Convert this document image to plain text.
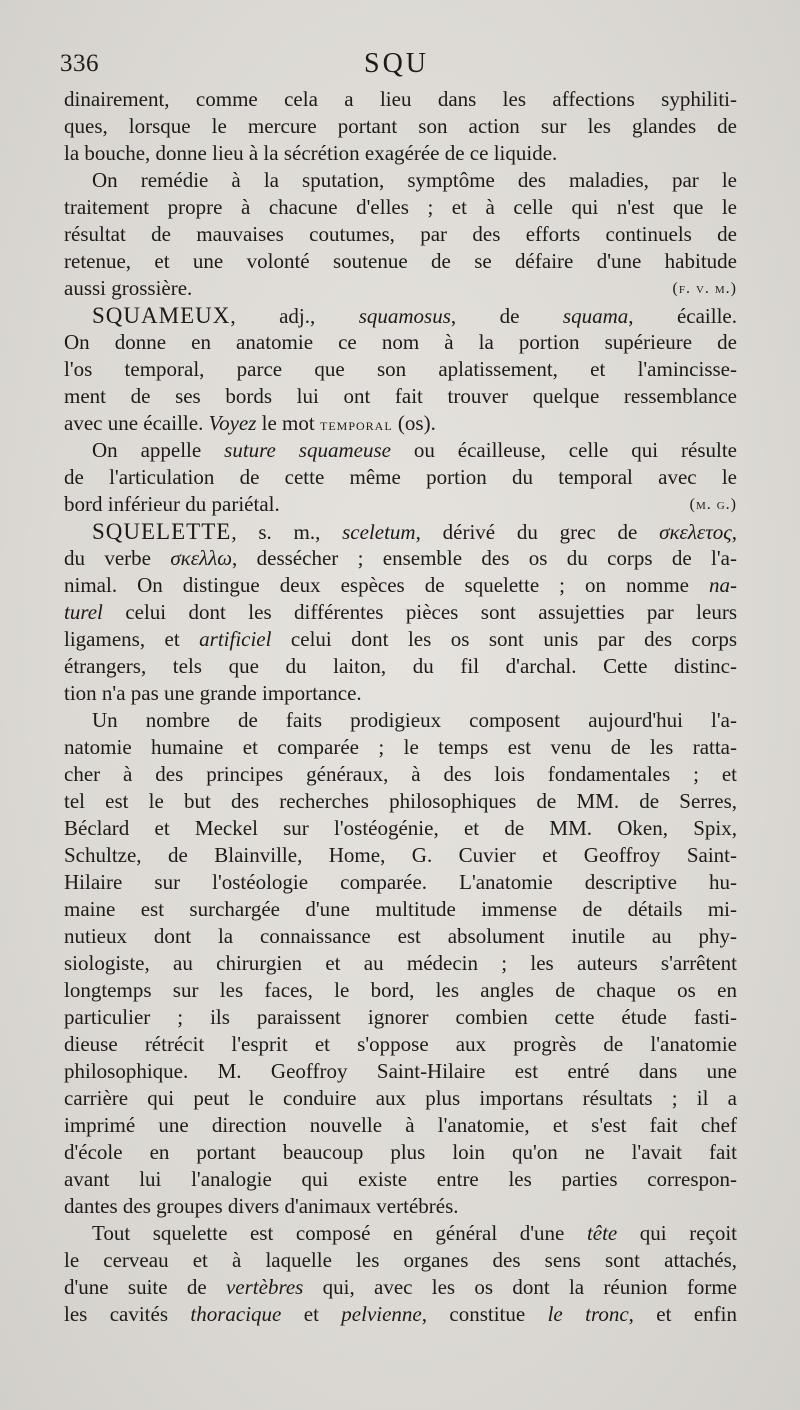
336	SQU
dinairement, comme cela a lieu dans les affections syphiliti-
ques, lorsque le mercure portant son action sur les glandes de
la bouche, donne lieu à la sécrétion exagérée de ce liquide.
On remédie à la sputation, symptôme des maladies, par le
traitement propre à chacune d'elles ; et à celle qui n'est que le
résultat de mauvaises coutumes, par des efforts continuels de
retenue, et une volonté soutenue de se défaire d'une habitude
(f. v. m.)
aussi grossière.
SQUAMEUX, adj., squamosus, de squama, écaille.
On donne en anatomie ce nom à la portion supérieure de
l'os temporal, parce que son aplatissement, et l'amincisse-
ment de ses bords lui ont fait trouver quelque ressemblance
avec une écaille. Voyez le mot temporal (os).
On appelle suture squameuse ou écailleuse, celle qui résulte
de l'articulation de cette même portion du temporal avec le
(m. g.)
bord inférieur du pariétal.
SQUELETTE, s. m., sceletum, dérivé du grec de σκελετος,
du verbe σκελλω, dessécher ; ensemble des os du corps de l'a-
nimal. On distingue deux espèces de squelette ; on nomme na-
turel celui dont les différentes pièces sont assujetties par leurs
ligamens, et artificiel celui dont les os sont unis par des corps
étrangers, tels que du laiton, du fil d'archal. Cette distinc-
tion n'a pas une grande importance.
Un nombre de faits prodigieux composent aujourd'hui l'a-
natomie humaine et comparée ; le temps est venu de les ratta-
cher à des principes généraux, à des lois fondamentales ; et
tel est le but des recherches philosophiques de MM. de Serres,
Béclard et Meckel sur l'ostéogénie, et de MM. Oken, Spix,
Schultze, de Blainville, Home, G. Cuvier et Geoffroy Saint-
Hilaire sur l'ostéologie comparée. L'anatomie descriptive hu-
maine est surchargée d'une multitude immense de détails mi-
nutieux dont la connaissance est absolument inutile au phy-
siologiste, au chirurgien et au médecin ; les auteurs s'arrêtent
longtemps sur les faces, le bord, les angles de chaque os en
particulier ; ils paraissent ignorer combien cette étude fasti-
dieuse rétrécit l'esprit et s'oppose aux progrès de l'anatomie
philosophique. M. Geoffroy Saint-Hilaire est entré dans une
carrière qui peut le conduire aux plus importans résultats ; il a
imprimé une direction nouvelle à l'anatomie, et s'est fait chef
d'école en portant beaucoup plus loin qu'on ne l'avait fait
avant lui l'analogie qui existe entre les parties correspon-
dantes des groupes divers d'animaux vertébrés.
Tout squelette est composé en général d'une tête qui reçoit
le cerveau et à laquelle les organes des sens sont attachés,
d'une suite de vertèbres qui, avec les os dont la réunion forme
les cavités thoracique et pelvienne, constitue le tronc, et enfin
